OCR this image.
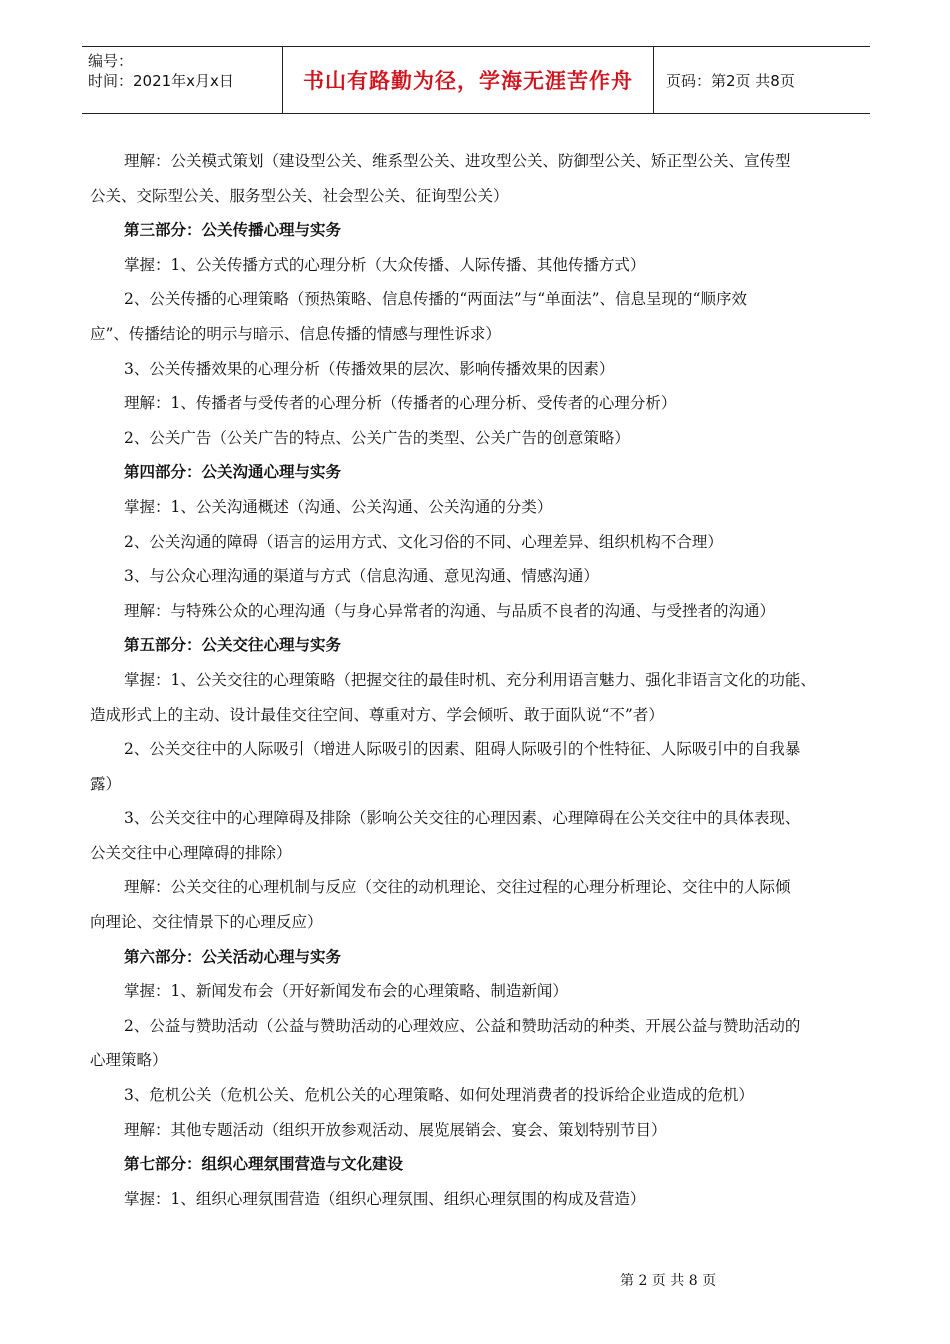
编号：
时间：2021年x月x日	书山有路勤为径，学海无涯苦作舟	页码：第2页 共8页
理解：公关模式策划（建设型公关、维系型公关、进攻型公关、防御型公关、矫正型公关、宣传型
公关、交际型公关、服务型公关、社会型公关、征询型公关）
第三部分：公关传播心理与实务
掌握：1、公关传播方式的心理分析（大众传播、人际传播、其他传播方式）
2、公关传播的心理策略（预热策略、信息传播的“两面法”与“单面法”、信息呈现的“顺序效
应”、传播结论的明示与暗示、信息传播的情感与理性诉求）
3、公关传播效果的心理分析（传播效果的层次、影响传播效果的因素）
理解：1、传播者与受传者的心理分析（传播者的心理分析、受传者的心理分析）
2、公关广告（公关广告的特点、公关广告的类型、公关广告的创意策略）
第四部分：公关沟通心理与实务
掌握：1、公关沟通概述（沟通、公关沟通、公关沟通的分类）
2、公关沟通的障碍（语言的运用方式、文化习俗的不同、心理差异、组织机构不合理）
3、与公众心理沟通的渠道与方式（信息沟通、意见沟通、情感沟通）
理解：与特殊公众的心理沟通（与身心异常者的沟通、与品质不良者的沟通、与受挫者的沟通）
第五部分：公关交往心理与实务
掌握：1、公关交往的心理策略（把握交往的最佳时机、充分利用语言魅力、强化非语言文化的功能、
造成形式上的主动、设计最佳交往空间、尊重对方、学会倾听、敢于面队说“不”者）
2、公关交往中的人际吸引（增进人际吸引的因素、阻碍人际吸引的个性特征、人际吸引中的自我暴
露）
3、公关交往中的心理障碍及排除（影响公关交往的心理因素、心理障碍在公关交往中的具体表现、
公关交往中心理障碍的排除）
理解：公关交往的心理机制与反应（交往的动机理论、交往过程的心理分析理论、交往中的人际倾
向理论、交往情景下的心理反应）
第六部分：公关活动心理与实务
掌握：1、新闻发布会（开好新闻发布会的心理策略、制造新闻）
2、公益与赞助活动（公益与赞助活动的心理效应、公益和赞助活动的种类、开展公益与赞助活动的
心理策略）
3、危机公关（危机公关、危机公关的心理策略、如何处理消费者的投诉给企业造成的危机）
理解：其他专题活动（组织开放参观活动、展览展销会、宴会、策划特别节目）
第七部分：组织心理氛围营造与文化建设
掌握：1、组织心理氛围营造（组织心理氛围、组织心理氛围的构成及营造）
第 2 页 共 8 页
